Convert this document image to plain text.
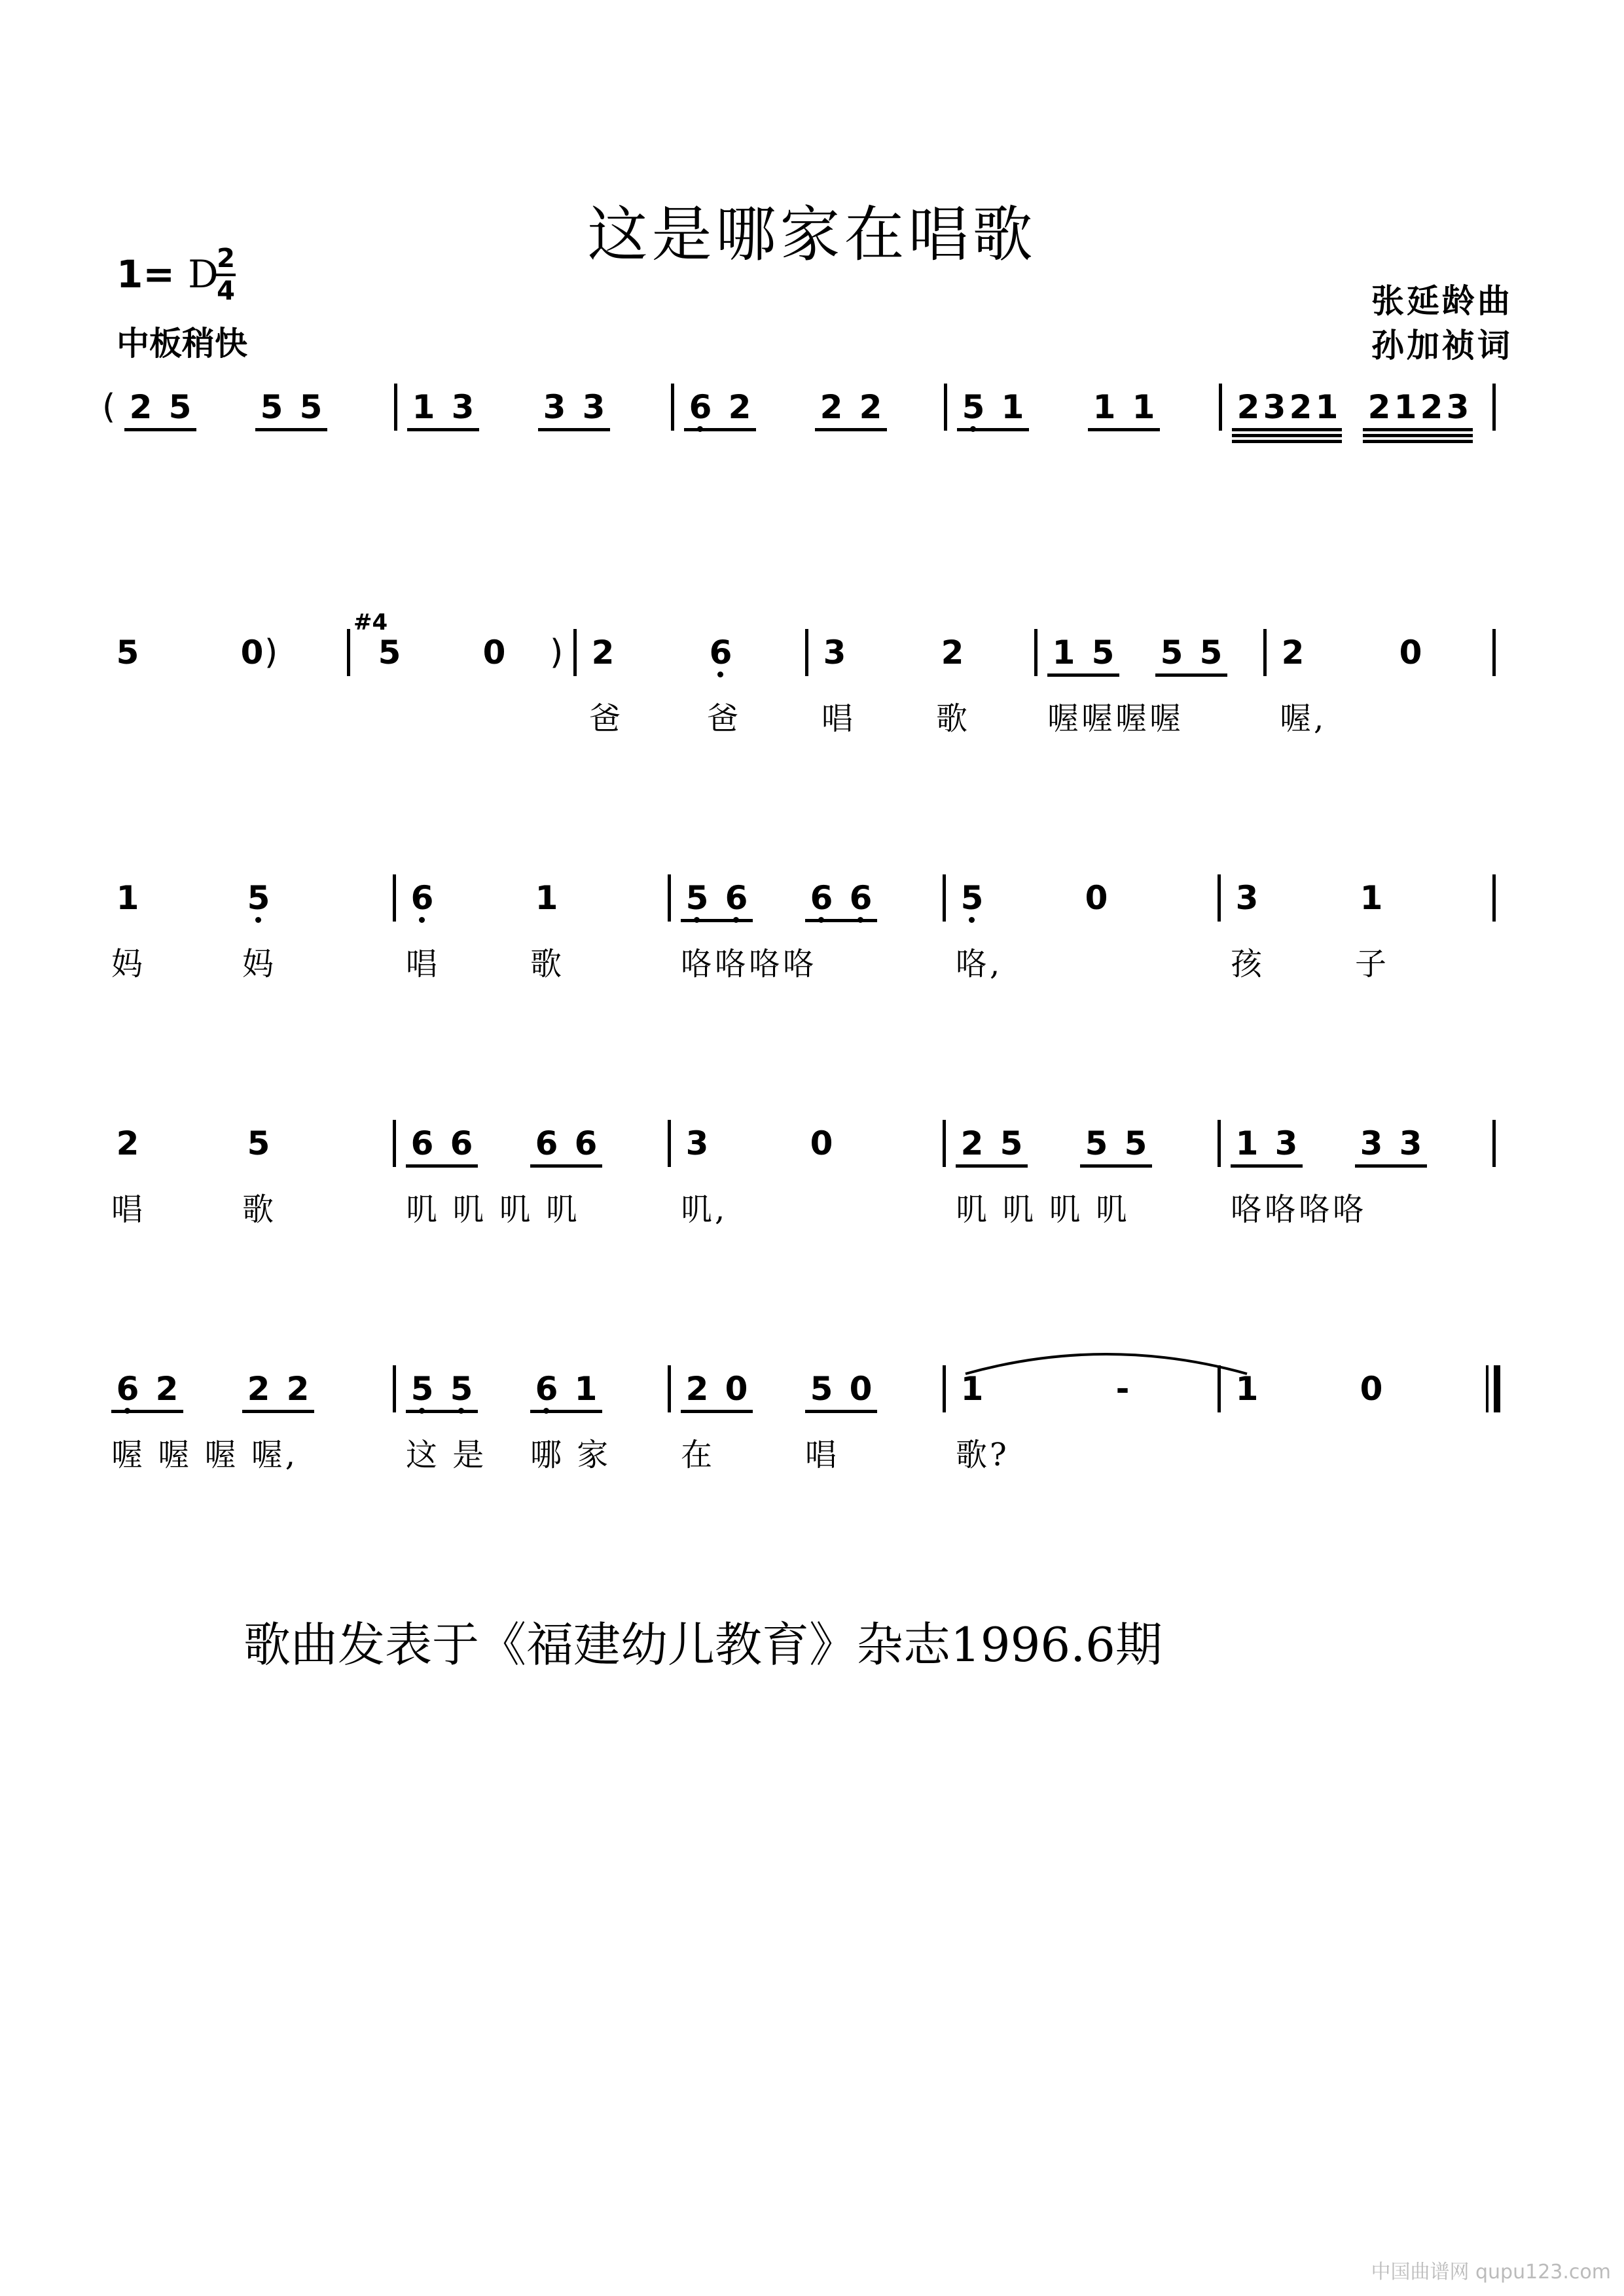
这是哪家在唱歌
1= D
2
4
中板稍快
张延龄曲
孙加祯词
( 2 5 5 5	1 3 3 3	6 2 2 2 5 1 1 1	2 3 2 1 2 1 2 3
5	0 )
#4
5	0 ) 2	6	3	2	1 5 5 5 2	0
爸	爸	唱	歌 喔喔喔喔	喔,
1	5	6	1	5 6 6 6	5	0	3	1
妈	妈	唱	歌	咯咯咯咯	咯,	孩	子
2	5	6 6 6 6	3	0	2 5 5 5	1 3 3 3
唱	歌	叽 叽 叽 叽	叽,	叽 叽 叽 叽	咯咯咯咯
6 2 2 2	5 5 6 1	2 0 5 0	1	-	1	0
喔 喔 喔 喔,	这 是 哪 家 在	唱	歌?
歌曲发表于《福建幼儿教育》杂志1996.6期
中国曲谱网 qupu123.com
